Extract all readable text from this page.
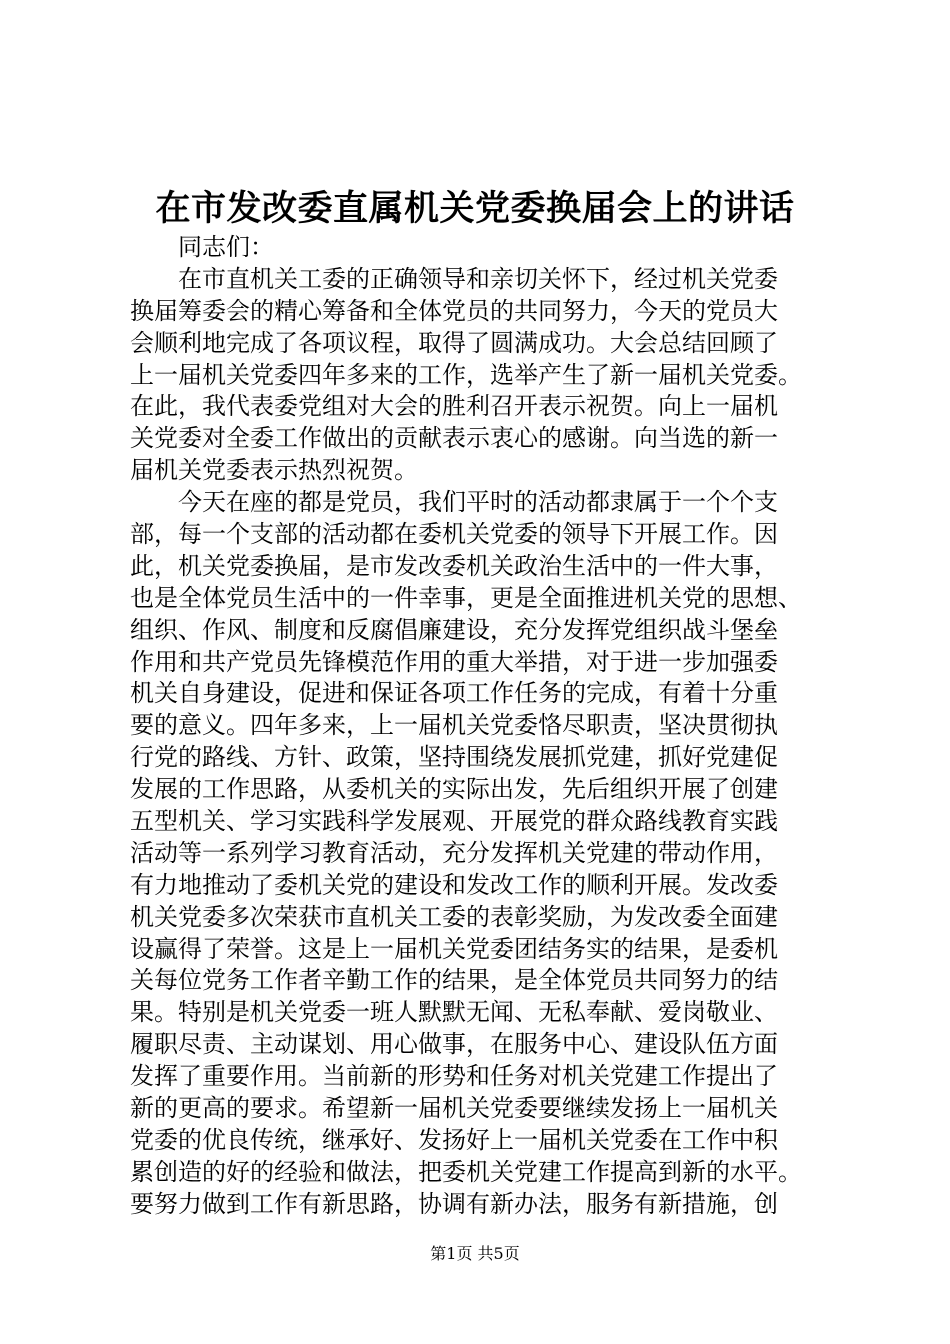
在市发改委直属机关党委换届会上的讲话
同志们：
在市直机关工委的正确领导和亲切关怀下，经过机关党委
换届筹委会的精心筹备和全体党员的共同努力，今天的党员大
会顺利地完成了各项议程，取得了圆满成功。大会总结回顾了
上一届机关党委四年多来的工作，选举产生了新一届机关党委。
在此，我代表委党组对大会的胜利召开表示祝贺。向上一届机
关党委对全委工作做出的贡献表示衷心的感谢。向当选的新一
届机关党委表示热烈祝贺。
今天在座的都是党员，我们平时的活动都隶属于一个个支
部，每一个支部的活动都在委机关党委的领导下开展工作。因
此，机关党委换届，是市发改委机关政治生活中的一件大事，
也是全体党员生活中的一件幸事，更是全面推进机关党的思想、
组织、作风、制度和反腐倡廉建设，充分发挥党组织战斗堡垒
作用和共产党员先锋模范作用的重大举措，对于进一步加强委
机关自身建设，促进和保证各项工作任务的完成，有着十分重
要的意义。四年多来，上一届机关党委恪尽职责，坚决贯彻执
行党的路线、方针、政策，坚持围绕发展抓党建，抓好党建促
发展的工作思路，从委机关的实际出发，先后组织开展了创建
五型机关、学习实践科学发展观、开展党的群众路线教育实践
活动等一系列学习教育活动，充分发挥机关党建的带动作用，
有力地推动了委机关党的建设和发改工作的顺利开展。发改委
机关党委多次荣获市直机关工委的表彰奖励，为发改委全面建
设赢得了荣誉。这是上一届机关党委团结务实的结果，是委机
关每位党务工作者辛勤工作的结果，是全体党员共同努力的结
果。特别是机关党委一班人默默无闻、无私奉献、爱岗敬业、
履职尽责、主动谋划、用心做事，在服务中心、建设队伍方面
发挥了重要作用。当前新的形势和任务对机关党建工作提出了
新的更高的要求。希望新一届机关党委要继续发扬上一届机关
党委的优良传统，继承好、发扬好上一届机关党委在工作中积
累创造的好的经验和做法，把委机关党建工作提高到新的水平。
要努力做到工作有新思路，协调有新办法，服务有新措施，创
第1页 共5页
